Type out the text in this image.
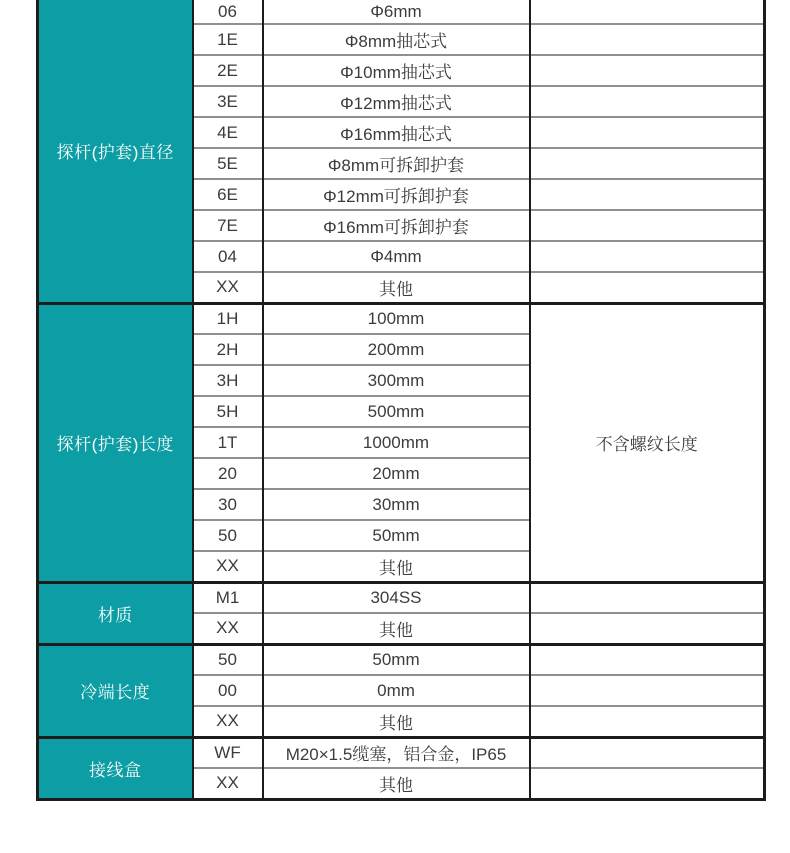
探杆(护套)直径	06	Φ6mm	
	1E	Φ8mm抽芯式	
	2E	Φ10mm抽芯式	
	3E	Φ12mm抽芯式	
	4E	Φ16mm抽芯式	
	5E	Φ8mm可拆卸护套	
	6E	Φ12mm可拆卸护套	
	7E	Φ16mm可拆卸护套	
	04	Φ4mm	
	XX	其他	
探杆(护套)长度	1H	100mm	不含螺纹长度
	2H	200mm	
	3H	300mm	
	5H	500mm	
	1T	1000mm	
	20	20mm	
	30	30mm	
	50	50mm	
	XX	其他	
材质	M1	304SS	
	XX	其他	
冷端长度	50	50mm	
	00	0mm	
	XX	其他	
接线盒	WF	M20×1.5缆塞，铝合金，IP65	
	XX	其他	
